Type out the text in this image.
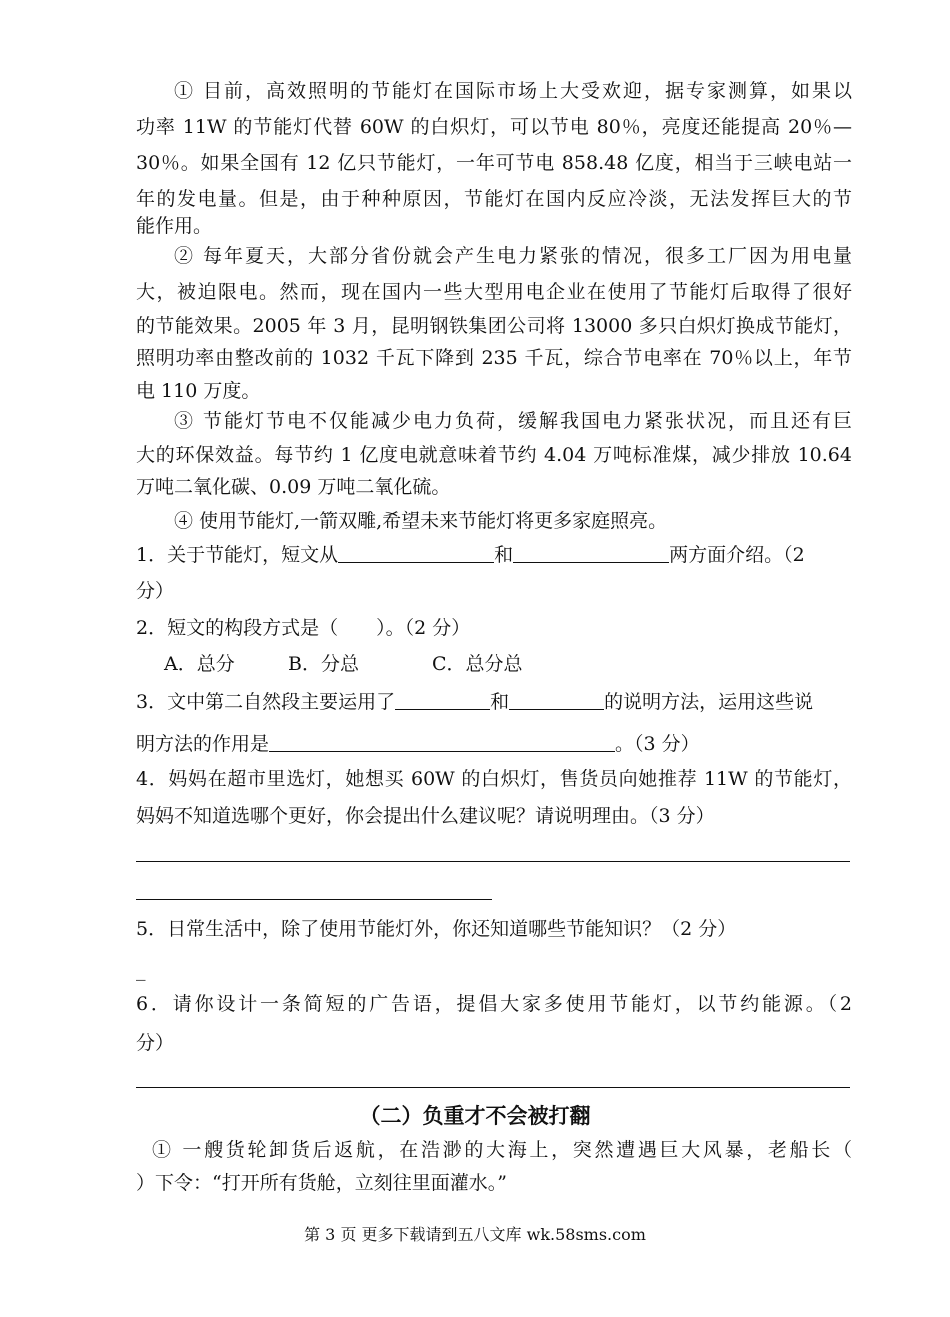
① 目前，高效照明的节能灯在国际市场上大受欢迎，据专家测算，如果以
功率 11W 的节能灯代替 60W 的白炽灯，可以节电 80％，亮度还能提高 20％—
30％。如果全国有 12 亿只节能灯，一年可节电 858.48 亿度，相当于三峡电站一
年的发电量。但是，由于种种原因，节能灯在国内反应冷淡，无法发挥巨大的节
能作用。
② 每年夏天，大部分省份就会产生电力紧张的情况，很多工厂因为用电量
大，被迫限电。然而，现在国内一些大型用电企业在使用了节能灯后取得了很好
的节能效果。2005 年 3 月，昆明钢铁集团公司将 13000 多只白炽灯换成节能灯，
照明功率由整改前的 1032 千瓦下降到 235 千瓦，综合节电率在 70％以上，年节
电 110 万度。
③ 节能灯节电不仅能减少电力负荷，缓解我国电力紧张状况，而且还有巨
大的环保效益。每节约 1 亿度电就意味着节约 4.04 万吨标准煤，减少排放 10.64
万吨二氧化碳、0.09 万吨二氧化硫。
④ 使用节能灯,一箭双雕,希望未来节能灯将更多家庭照亮。
1．关于节能灯，短文从	和	两方面介绍。（2
分）
2．短文的构段方式是（　　）。（2 分）
A．总分	B．分总	C．总分总
3．文中第二自然段主要运用了	和	的说明方法，运用这些说
明方法的作用是	。（3 分）
4．妈妈在超市里选灯，她想买 60W 的白炽灯，售货员向她推荐 11W 的节能灯，
妈妈不知道选哪个更好，你会提出什么建议呢？请说明理由。（3 分）
5．日常生活中，除了使用节能灯外，你还知道哪些节能知识？（2 分）
_
6．请你设计一条简短的广告语，提倡大家多使用节能灯，以节约能源。（2
分）
（二）负重才不会被打翻
① 一艘货轮卸货后返航，在浩渺的大海上，突然遭遇巨大风暴，老船长（
）下令：“打开所有货舱，立刻往里面灌水。”
第 3 页 更多下载请到五八文库 wk.58sms.com
